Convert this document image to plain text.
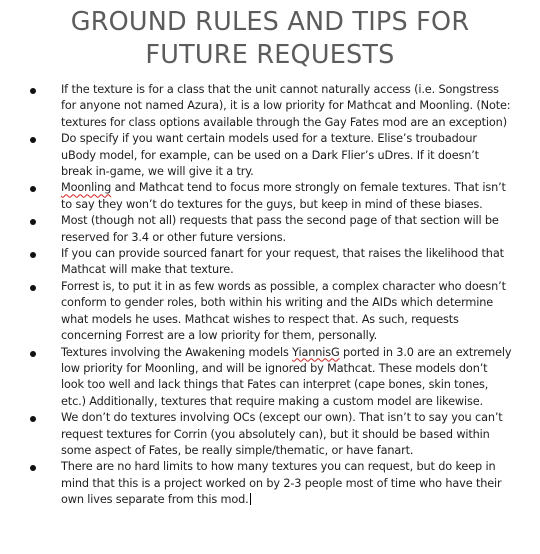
GROUND RULES AND TIPS FOR
FUTURE REQUESTS
If the texture is for a class that the unit cannot naturally access (i.e. Songstress for anyone not named Azura), it is a low priority for Mathcat and Moonling. (Note: textures for class options available through the Gay Fates mod are an exception)
Do specify if you want certain models used for a texture. Elise’s troubadour uBody model, for example, can be used on a Dark Flier’s uDres. If it doesn’t break in-game, we will give it a try.
Moonling and Mathcat tend to focus more strongly on female textures. That isn’t to say they won’t do textures for the guys, but keep in mind of these biases.
Most (though not all) requests that pass the second page of that section will be reserved for 3.4 or other future versions.
If you can provide sourced fanart for your request, that raises the likelihood that Mathcat will make that texture.
Forrest is, to put it in as few words as possible, a complex character who doesn’t conform to gender roles, both within his writing and the AIDs which determine what models he uses. Mathcat wishes to respect that. As such, requests concerning Forrest are a low priority for them, personally.
Textures involving the Awakening models YiannisG ported in 3.0 are an extremely low priority for Moonling, and will be ignored by Mathcat. These models don’t look too well and lack things that Fates can interpret (cape bones, skin tones, etc.) Additionally, textures that require making a custom model are likewise.
We don’t do textures involving OCs (except our own). That isn’t to say you can’t request textures for Corrin (you absolutely can), but it should be based within some aspect of Fates, be really simple/thematic, or have fanart.
There are no hard limits to how many textures you can request, but do keep in mind that this is a project worked on by 2-3 people most of time who have their own lives separate from this mod.
